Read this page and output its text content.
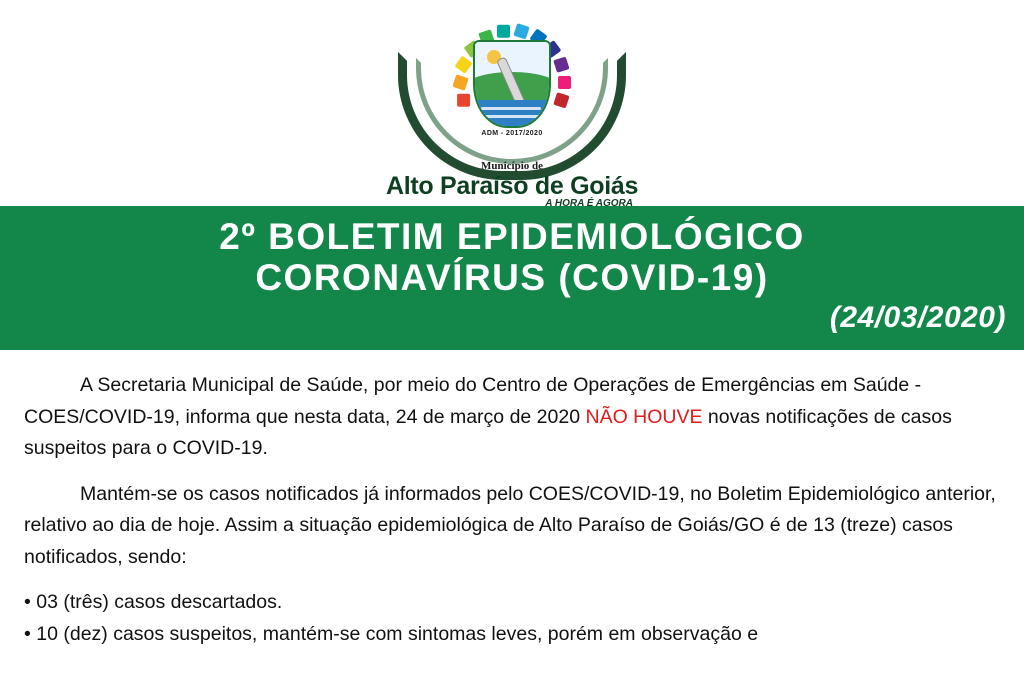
ADM - 2017/2020
Município de
Alto Paraíso de Goiás
A HORA É AGORA
2º BOLETIM EPIDEMIOLÓGICO
CORONAVÍRUS (COVID-19)
(24/03/2020)

A Secretaria Municipal de Saúde, por meio do Centro de Operações de Emergências em Saúde - COES/COVID-19, informa que nesta data, 24 de março de 2020 NÃO HOUVE novas notificações de casos suspeitos para o COVID-19.

Mantém-se os casos notificados já informados pelo COES/COVID-19, no Boletim Epidemiológico anterior, relativo ao dia de hoje. Assim a situação epidemiológica de Alto Paraíso de Goiás/GO é de 13 (treze) casos notificados, sendo:

• 03 (três) casos descartados.
• 10 (dez) casos suspeitos, mantém-se com sintomas leves, porém em observação e
